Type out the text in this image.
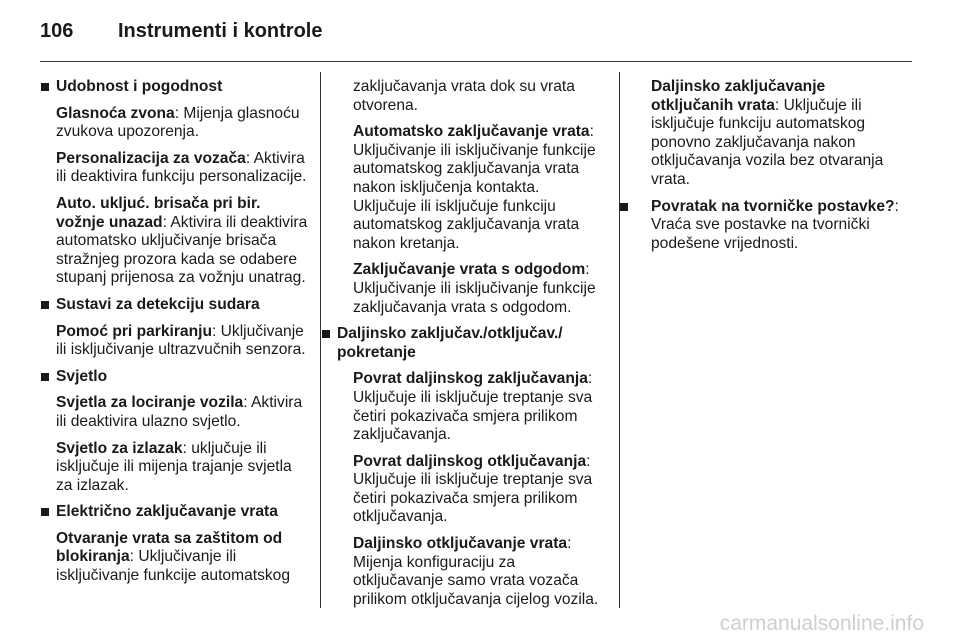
106 Instrumenti i kontrole
Udobnost i pogodnost
Glasnoća zvona: Mijenja glasnoću zvukova upozorenja.
Personalizacija za vozača: Aktivira ili deaktivira funkciju personalizacije.
Auto. ukljuć. brisača pri bir. vožnje unazad: Aktivira ili deaktivira automatsko uključivanje brisača stražnjeg prozora kada se odabere stupanj prijenosa za vožnju unatrag.
Sustavi za detekciju sudara
Pomoć pri parkiranju: Uključivanje ili isključivanje ultrazvučnih senzora.
Svjetlo
Svjetla za lociranje vozila: Aktivira ili deaktivira ulazno svjetlo.
Svjetlo za izlazak: uključuje ili isključuje ili mijenja trajanje svjetla za izlazak.
Električno zaključavanje vrata
Otvaranje vrata sa zaštitom od blokiranja: Uključivanje ili isključivanje funkcije automatskog
zaključavanja vrata dok su vrata otvorena.
Automatsko zaključavanje vrata: Uključivanje ili isključivanje funkcije automatskog zaključavanja vrata nakon isključenja kontakta. Uključuje ili isključuje funkciju automatskog zaključavanja vrata nakon kretanja.
Zaključavanje vrata s odgodom: Uključivanje ili isključivanje funkcije zaključavanja vrata s odgodom.
Daljinsko zaključav./otključav./ pokretanje
Povrat daljinskog zaključavanja: Uključuje ili isključuje treptanje sva četiri pokazivača smjera prilikom zaključavanja.
Povrat daljinskog otključavanja: Uključuje ili isključuje treptanje sva četiri pokazivača smjera prilikom otključavanja.
Daljinsko otključavanje vrata: Mijenja konfiguraciju za otključavanje samo vrata vozača prilikom otključavanja cijelog vozila.
Daljinsko zaključavanje otključanih vrata: Uključuje ili isključuje funkciju automatskog ponovno zaključavanja nakon otključavanja vozila bez otvaranja vrata.
Povratak na tvorničke postavke?: Vraća sve postavke na tvornički podešene vrijednosti.
carmanualsonline.info
